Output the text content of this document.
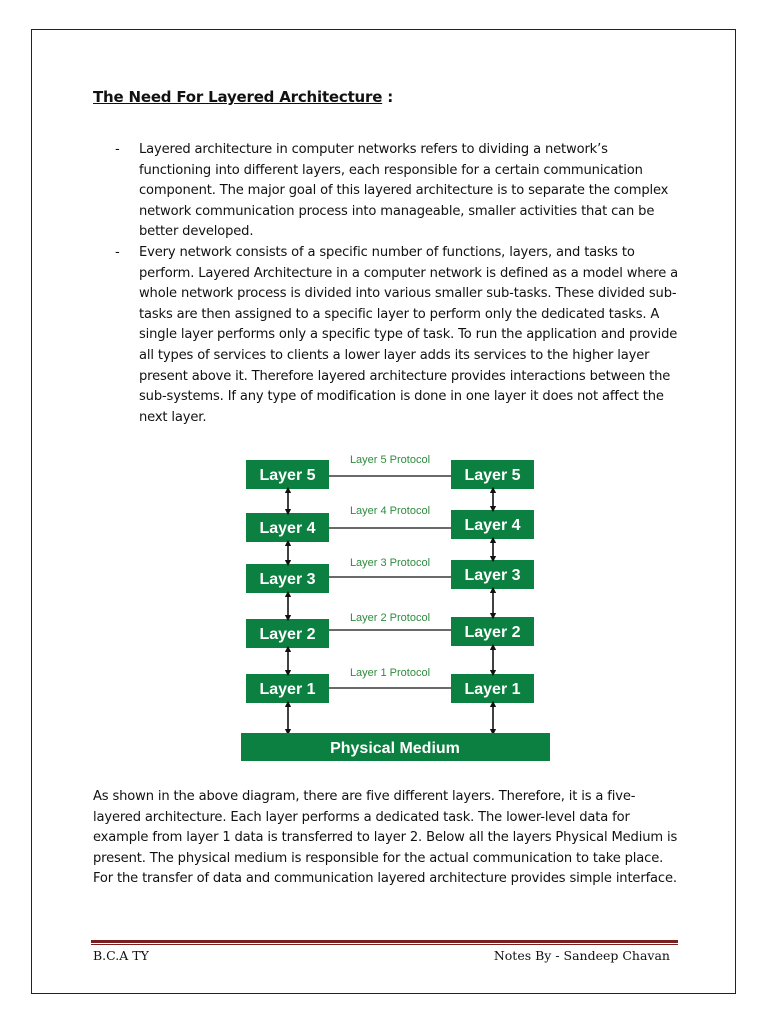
The Need For Layered Architecture :
-	Layered architecture in computer networks refers to dividing a network’s functioning into different layers, each responsible for a certain communication component. The major goal of this layered architecture is to separate the complex network communication process into manageable, smaller activities that can be better developed.
-	Every network consists of a specific number of functions, layers, and tasks to perform. Layered Architecture in a computer network is defined as a model where a whole network process is divided into various smaller sub-tasks. These divided sub-tasks are then assigned to a specific layer to perform only the dedicated tasks. A single layer performs only a specific type of task. To run the application and provide all types of services to clients a lower layer adds its services to the higher layer present above it. Therefore layered architecture provides interactions between the sub-systems. If any type of modification is done in one layer it does not affect the next layer.
Layer 5
Layer 4
Layer 3
Layer 2
Layer 1
Layer 5
Layer 4
Layer 3
Layer 2
Layer 1
Layer 5 Protocol
Layer 4 Protocol
Layer 3 Protocol
Layer 2 Protocol
Layer 1 Protocol
Physical Medium
As shown in the above diagram, there are five different layers. Therefore, it is a five-layered architecture. Each layer performs a dedicated task. The lower-level data for example from layer 1 data is transferred to layer 2. Below all the layers Physical Medium is present. The physical medium is responsible for the actual communication to take place. For the transfer of data and communication layered architecture provides simple interface.
B.C.A TY	Notes By - Sandeep Chavan
